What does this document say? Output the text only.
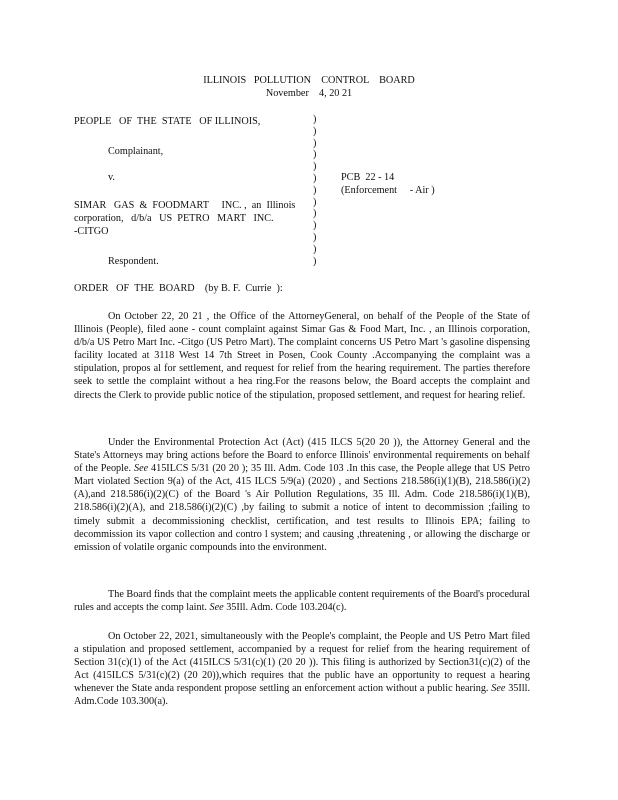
ILLINOIS   POLLUTION    CONTROL    BOARD
November    4, 20 21
PEOPLE   OF  THE  STATE   OF ILLINOIS,
Complainant,
v.
SIMAR   GAS  &  FOODMART     INC. ,  an  Illinois
corporation,   d/b/a   US  PETRO   MART   INC.
-CITGO
Respondent.
)
)
)
)
)
)
)
)
)
)
)
)
)
PCB  22 - 14
(Enforcement     - Air )
ORDER   OF  THE  BOARD    (by B. F.  Currie  ):

On October 22, 20 21 , the Office of the AttorneyGeneral, on behalf of the People of the State of Illinois (People), filed aone - count complaint against Simar Gas & Food Mart, Inc. , an Illinois corporation, d/b/a US Petro Mart Inc. -Citgo (US Petro Mart). The complaint concerns US Petro Mart 's gasoline dispensing facility located at 3118 West 14 7th Street in Posen, Cook County .Accompanying the complaint was a stipulation, propos al for settlement, and request for relief from the hearing requirement. The parties therefore seek to settle the complaint without a hea ring.For the reasons below, the Board accepts the complaint and directs the Clerk to provide public notice of the stipulation, proposed settlement, and request for hearing relief.

Under the Environmental Protection Act (Act) (415 ILCS 5(20 20 )), the Attorney General and the State's Attorneys may bring actions before the Board to enforce Illinois' environmental requirements on behalf of the People. See 415ILCS 5/31 (20 20 ); 35 Ill. Adm. Code 103 .In this case, the People allege that US Petro Mart violated Section 9(a) of the Act, 415 ILCS 5/9(a) (2020) , and Sections 218.586(i)(1)(B), 218.586(i)(2)(A),and 218.586(i)(2)(C) of the Board 's Air Pollution Regulations, 35 Ill. Adm. Code 218.586(i)(1)(B), 218.586(i)(2)(A), and 218.586(i)(2)(C) ,by failing to submit a notice of intent to decommission ;failing to timely submit a decommissioning checklist, certification, and test results to Illinois EPA; failing to decommission its vapor collection and contro l system; and causing ,threatening , or allowing the discharge or emission of volatile organic compounds into the environment.

The Board finds that the complaint meets the applicable content requirements of the Board's procedural rules and accepts the comp laint. See 35Ill. Adm. Code 103.204(c).

On October 22, 2021, simultaneously with the People's complaint, the People and US Petro Mart filed a stipulation and proposed settlement, accompanied by a request for relief from the hearing requirement of Section 31(c)(1) of the Act (415ILCS 5/31(c)(1) (20 20 )). This filing is authorized by Section31(c)(2) of the Act (415ILCS 5/31(c)(2) (20 20)),which requires that the public have an opportunity to request a hearing whenever the State anda respondent propose settling an enforcement action without a public hearing. See 35Ill. Adm.Code 103.300(a).
